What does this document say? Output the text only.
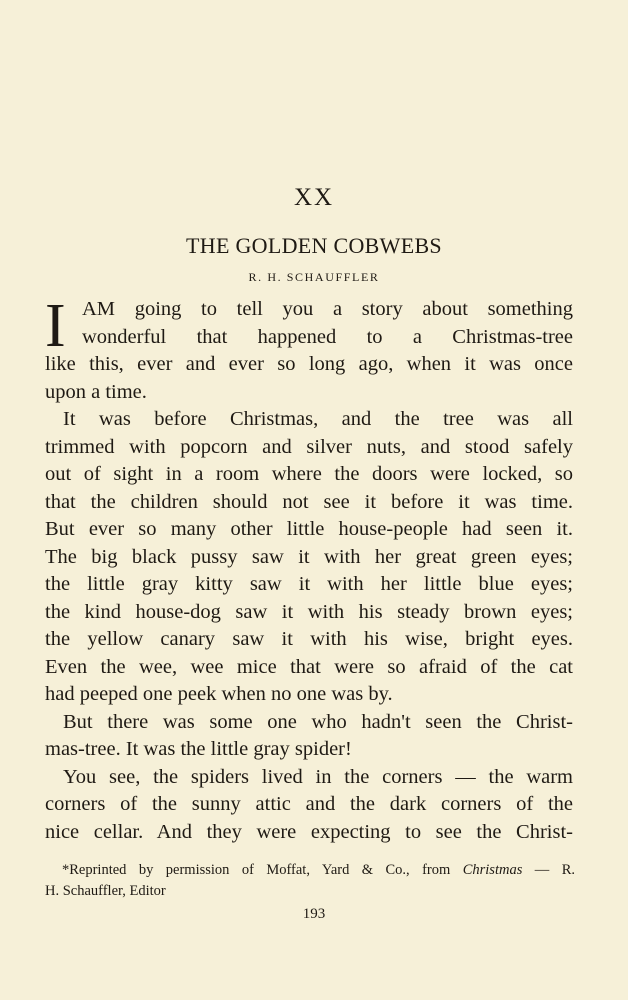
XX
THE GOLDEN COBWEBS
R. H. SCHAUFFLER
I AM going to tell you a story about something
wonderful that happened to a Christmas-tree
like this, ever and ever so long ago, when it was once
upon a time.
It was before Christmas, and the tree was all
trimmed with popcorn and silver nuts, and stood safely
out of sight in a room where the doors were locked, so
that the children should not see it before it was time.
But ever so many other little house-people had seen it.
The big black pussy saw it with her great green eyes;
the little gray kitty saw it with her little blue eyes;
the kind house-dog saw it with his steady brown eyes;
the yellow canary saw it with his wise, bright eyes.
Even the wee, wee mice that were so afraid of the cat
had peeped one peek when no one was by.
But there was some one who hadn't seen the Christ-
mas-tree. It was the little gray spider!
You see, the spiders lived in the corners — the warm
corners of the sunny attic and the dark corners of the
nice cellar. And they were expecting to see the Christ-
*Reprinted by permission of Moffat, Yard & Co., from Christmas — R.
H. Schauffler, Editor
193
